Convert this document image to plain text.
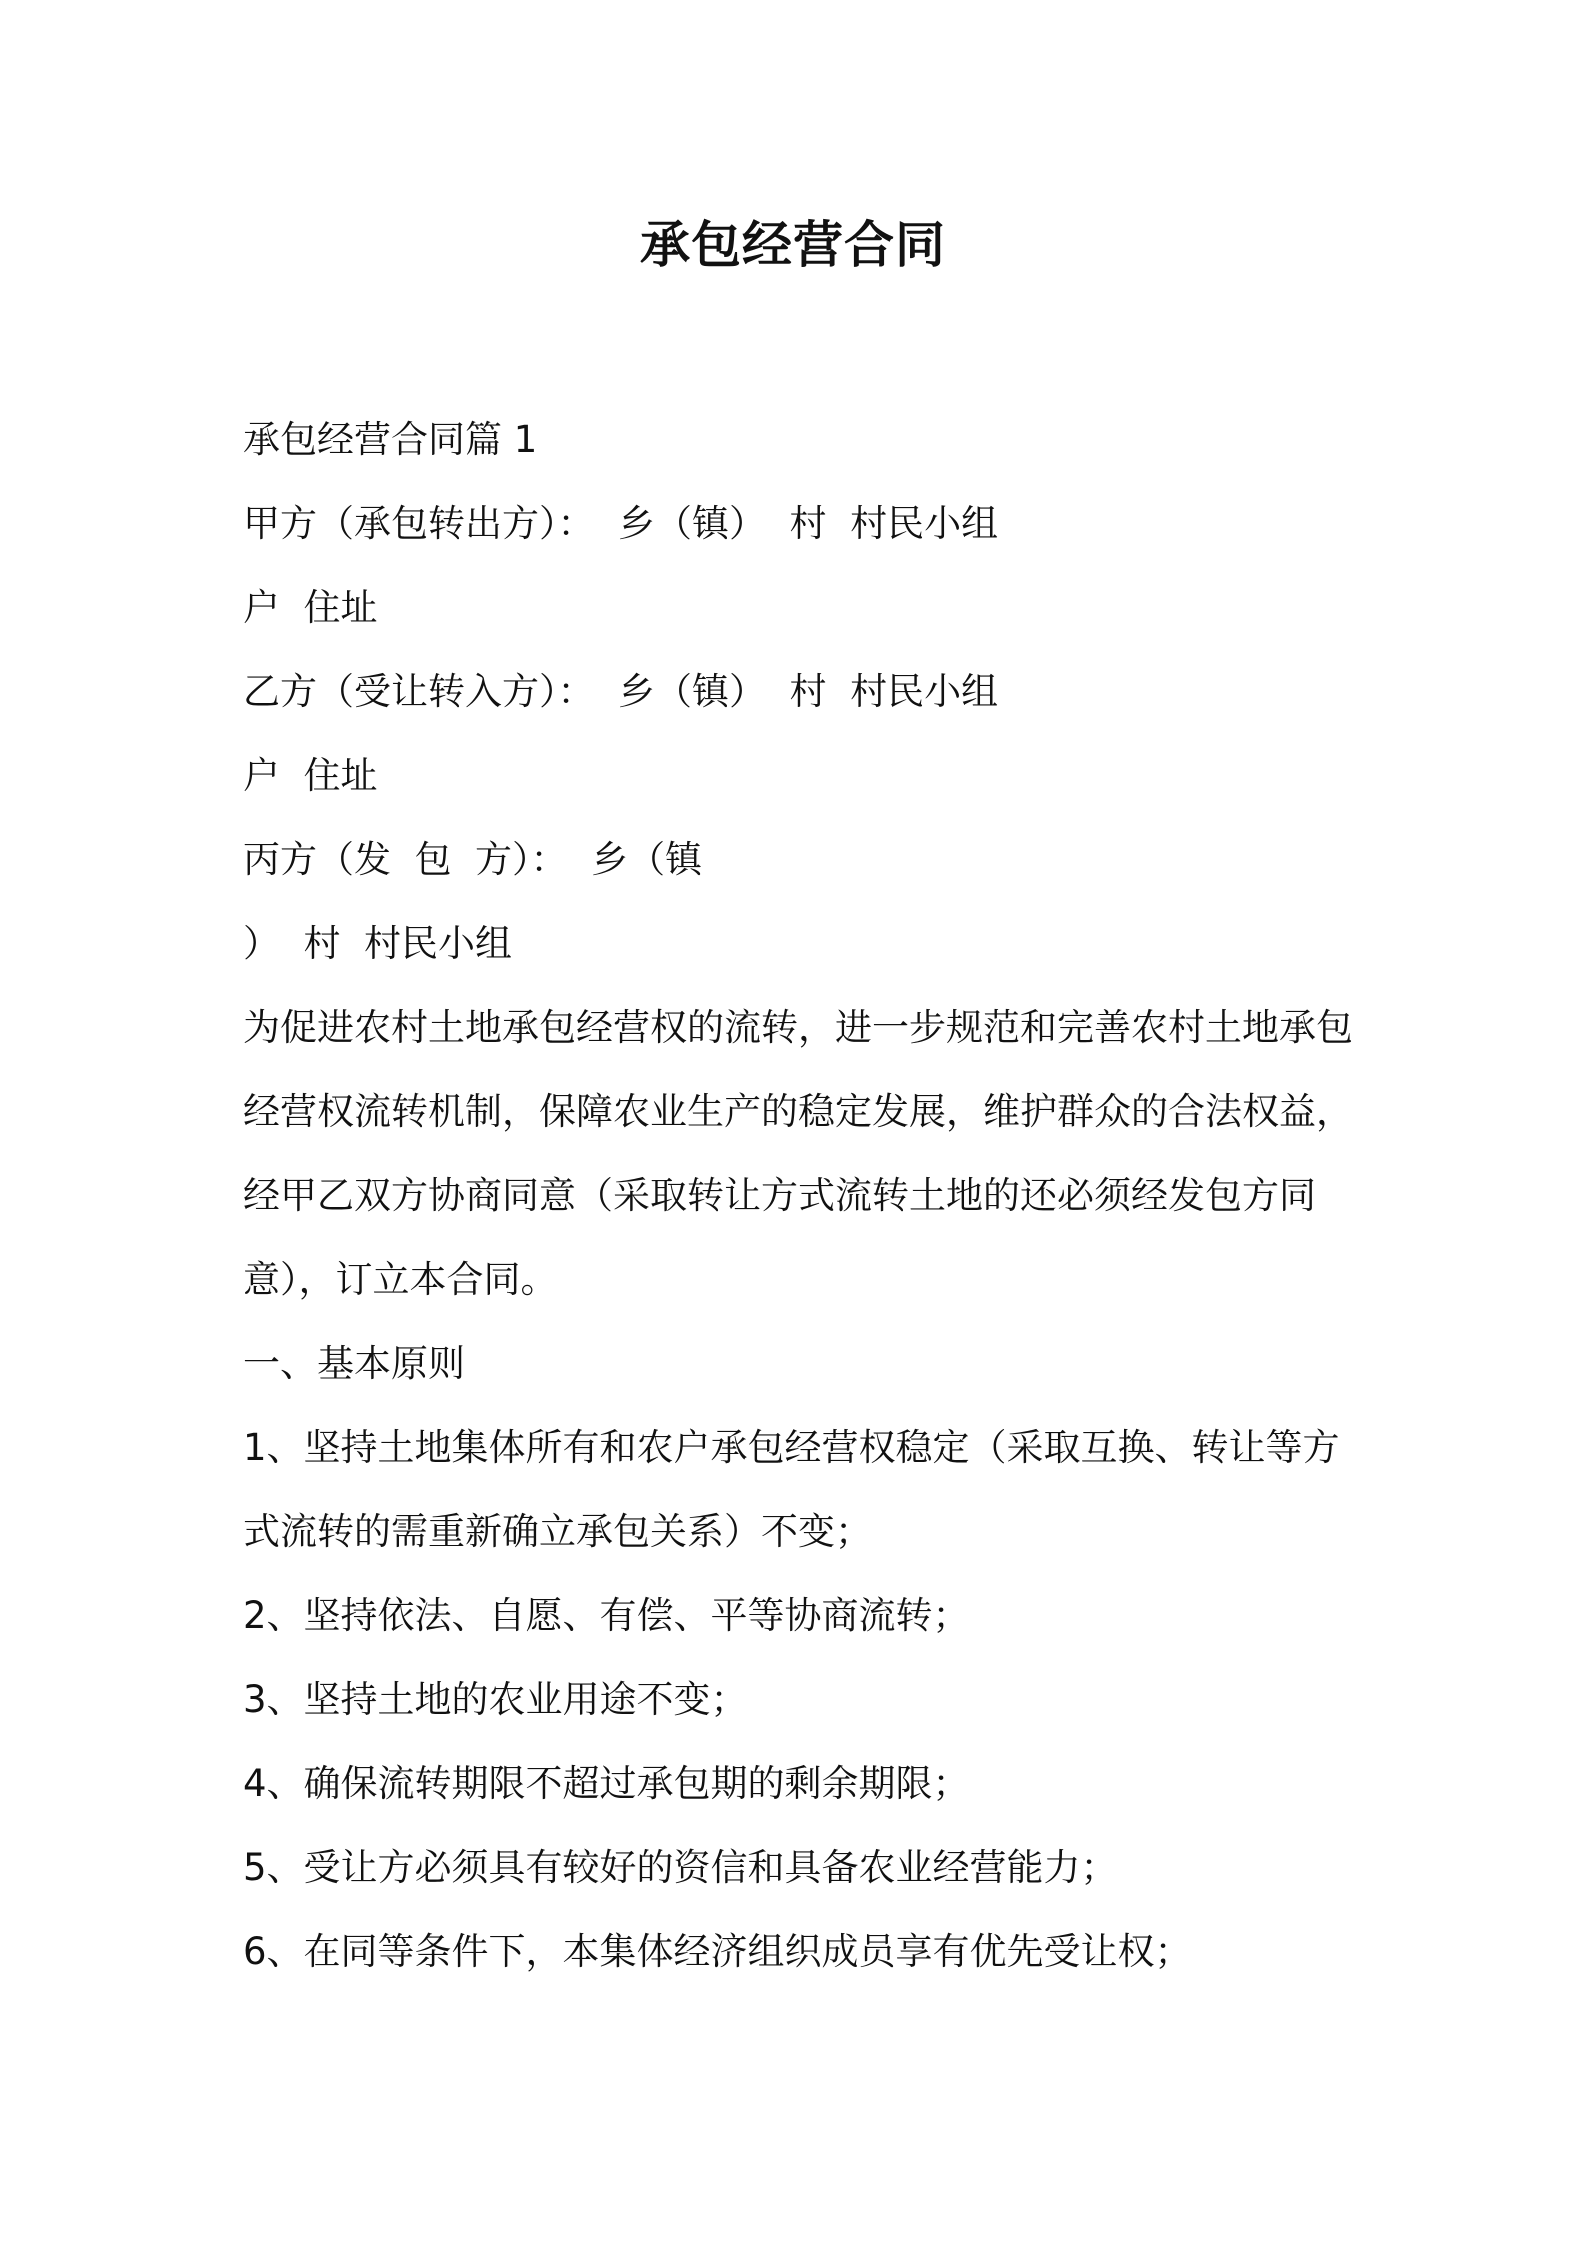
承包经营合同
承包经营合同篇 1
甲方（承包转出方）：  乡（镇）  村  村民小组
户  住址
乙方（受让转入方）：  乡（镇）  村  村民小组
户  住址
丙方（发  包  方）：  乡（镇
）  村  村民小组
为促进农村土地承包经营权的流转，进一步规范和完善农村土地承包
经营权流转机制，保障农业生产的稳定发展，维护群众的合法权益，
经甲乙双方协商同意（采取转让方式流转土地的还必须经发包方同
意），订立本合同。
一、基本原则
1、坚持土地集体所有和农户承包经营权稳定（采取互换、转让等方
式流转的需重新确立承包关系）不变；
2、坚持依法、自愿、有偿、平等协商流转；
3、坚持土地的农业用途不变；
4、确保流转期限不超过承包期的剩余期限；
5、受让方必须具有较好的资信和具备农业经营能力；
6、在同等条件下，本集体经济组织成员享有优先受让权；
